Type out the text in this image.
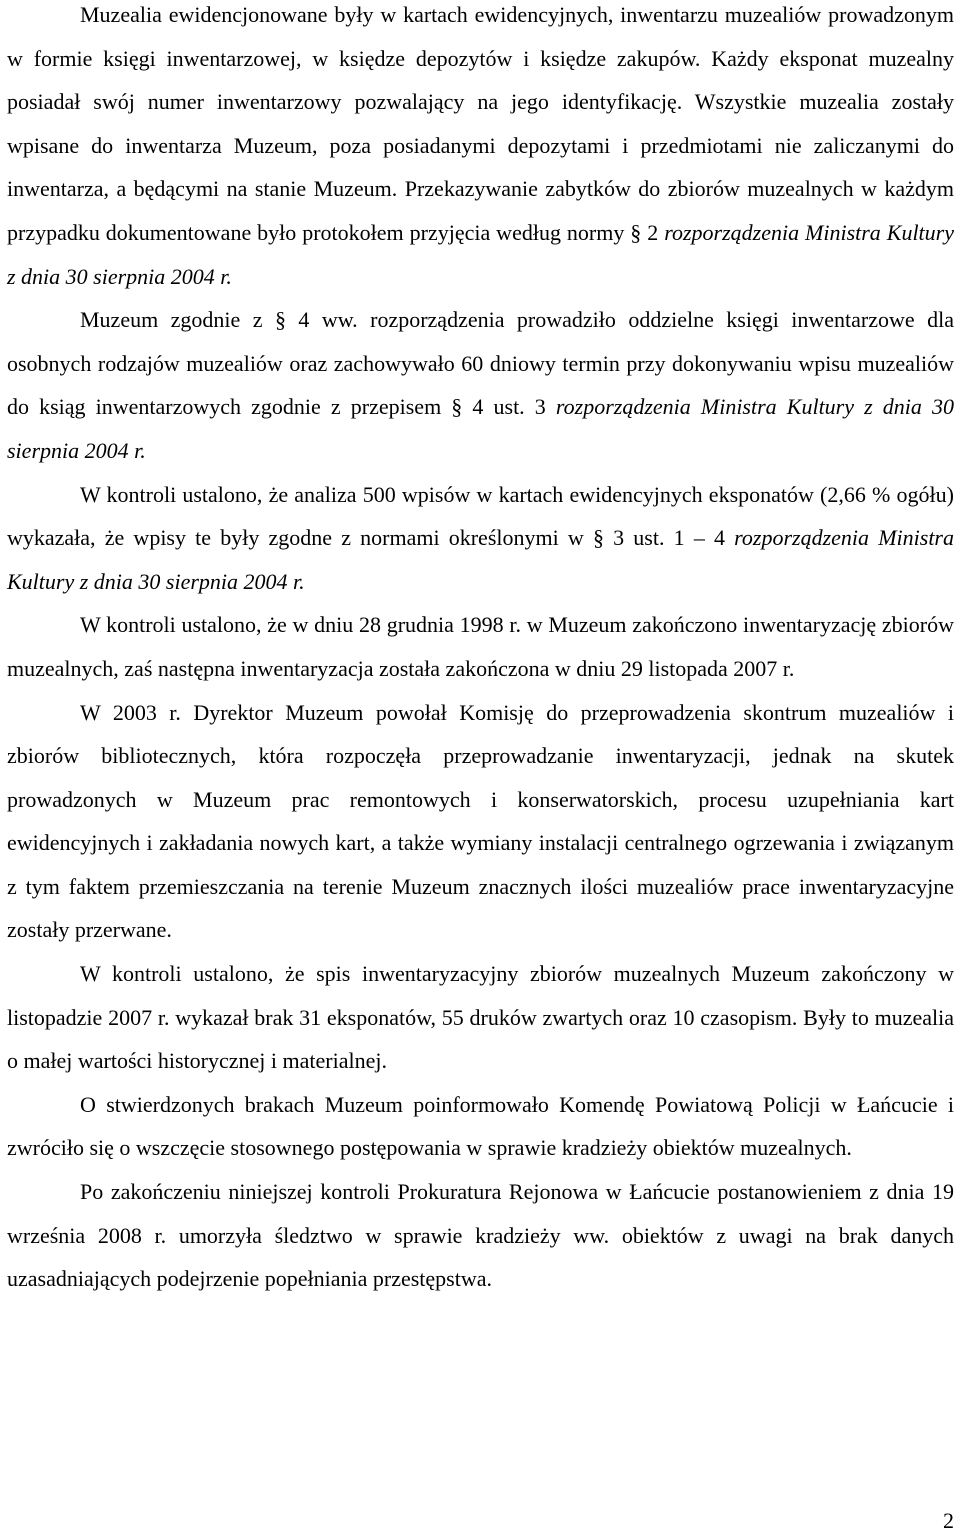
Muzealia ewidencjonowane były w kartach ewidencyjnych, inwentarzu muzealiów prowadzonym w formie księgi inwentarzowej, w księdze depozytów i księdze zakupów. Każdy eksponat muzealny posiadał swój numer inwentarzowy pozwalający na jego identyfikację. Wszystkie muzealia zostały wpisane do inwentarza Muzeum, poza posiadanymi depozytami i przedmiotami nie zaliczanymi do inwentarza, a będącymi na stanie Muzeum. Przekazywanie zabytków do zbiorów muzealnych w każdym przypadku dokumentowane było protokołem przyjęcia według normy § 2 rozporządzenia Ministra Kultury z dnia 30 sierpnia 2004 r.

Muzeum zgodnie z § 4 ww. rozporządzenia prowadziło oddzielne księgi inwentarzowe dla osobnych rodzajów muzealiów oraz zachowywało 60 dniowy termin przy dokonywaniu wpisu muzealiów do ksiąg inwentarzowych zgodnie z przepisem § 4 ust. 3 rozporządzenia Ministra Kultury z dnia 30 sierpnia 2004 r.

W kontroli ustalono, że analiza 500 wpisów w kartach ewidencyjnych eksponatów (2,66 % ogółu) wykazała, że wpisy te były zgodne z normami określonymi w § 3 ust. 1 – 4 rozporządzenia Ministra Kultury z dnia 30 sierpnia 2004 r.

W kontroli ustalono, że w dniu 28 grudnia 1998 r. w Muzeum zakończono inwentaryzację zbiorów muzealnych, zaś następna inwentaryzacja została zakończona w dniu 29 listopada 2007 r.

W 2003 r. Dyrektor Muzeum powołał Komisję do przeprowadzenia skontrum muzealiów i zbiorów bibliotecznych, która rozpoczęła przeprowadzanie inwentaryzacji, jednak na skutek prowadzonych w Muzeum prac remontowych i konserwatorskich, procesu uzupełniania kart ewidencyjnych i zakładania nowych kart, a także wymiany instalacji centralnego ogrzewania i związanym z tym faktem przemieszczania na terenie Muzeum znacznych ilości muzealiów prace inwentaryzacyjne zostały przerwane.

W kontroli ustalono, że spis inwentaryzacyjny zbiorów muzealnych Muzeum zakończony w listopadzie 2007 r. wykazał brak 31 eksponatów, 55 druków zwartych oraz 10 czasopism. Były to muzealia o małej wartości historycznej i materialnej.

O stwierdzonych brakach Muzeum poinformowało Komendę Powiatową Policji w Łańcucie i zwróciło się o wszczęcie stosownego postępowania w sprawie kradzieży obiektów muzealnych.

Po zakończeniu niniejszej kontroli Prokuratura Rejonowa w Łańcucie postanowieniem z dnia 19 września 2008 r. umorzyła śledztwo w sprawie kradzieży ww. obiektów z uwagi na brak danych uzasadniających podejrzenie popełniania przestępstwa.

2
